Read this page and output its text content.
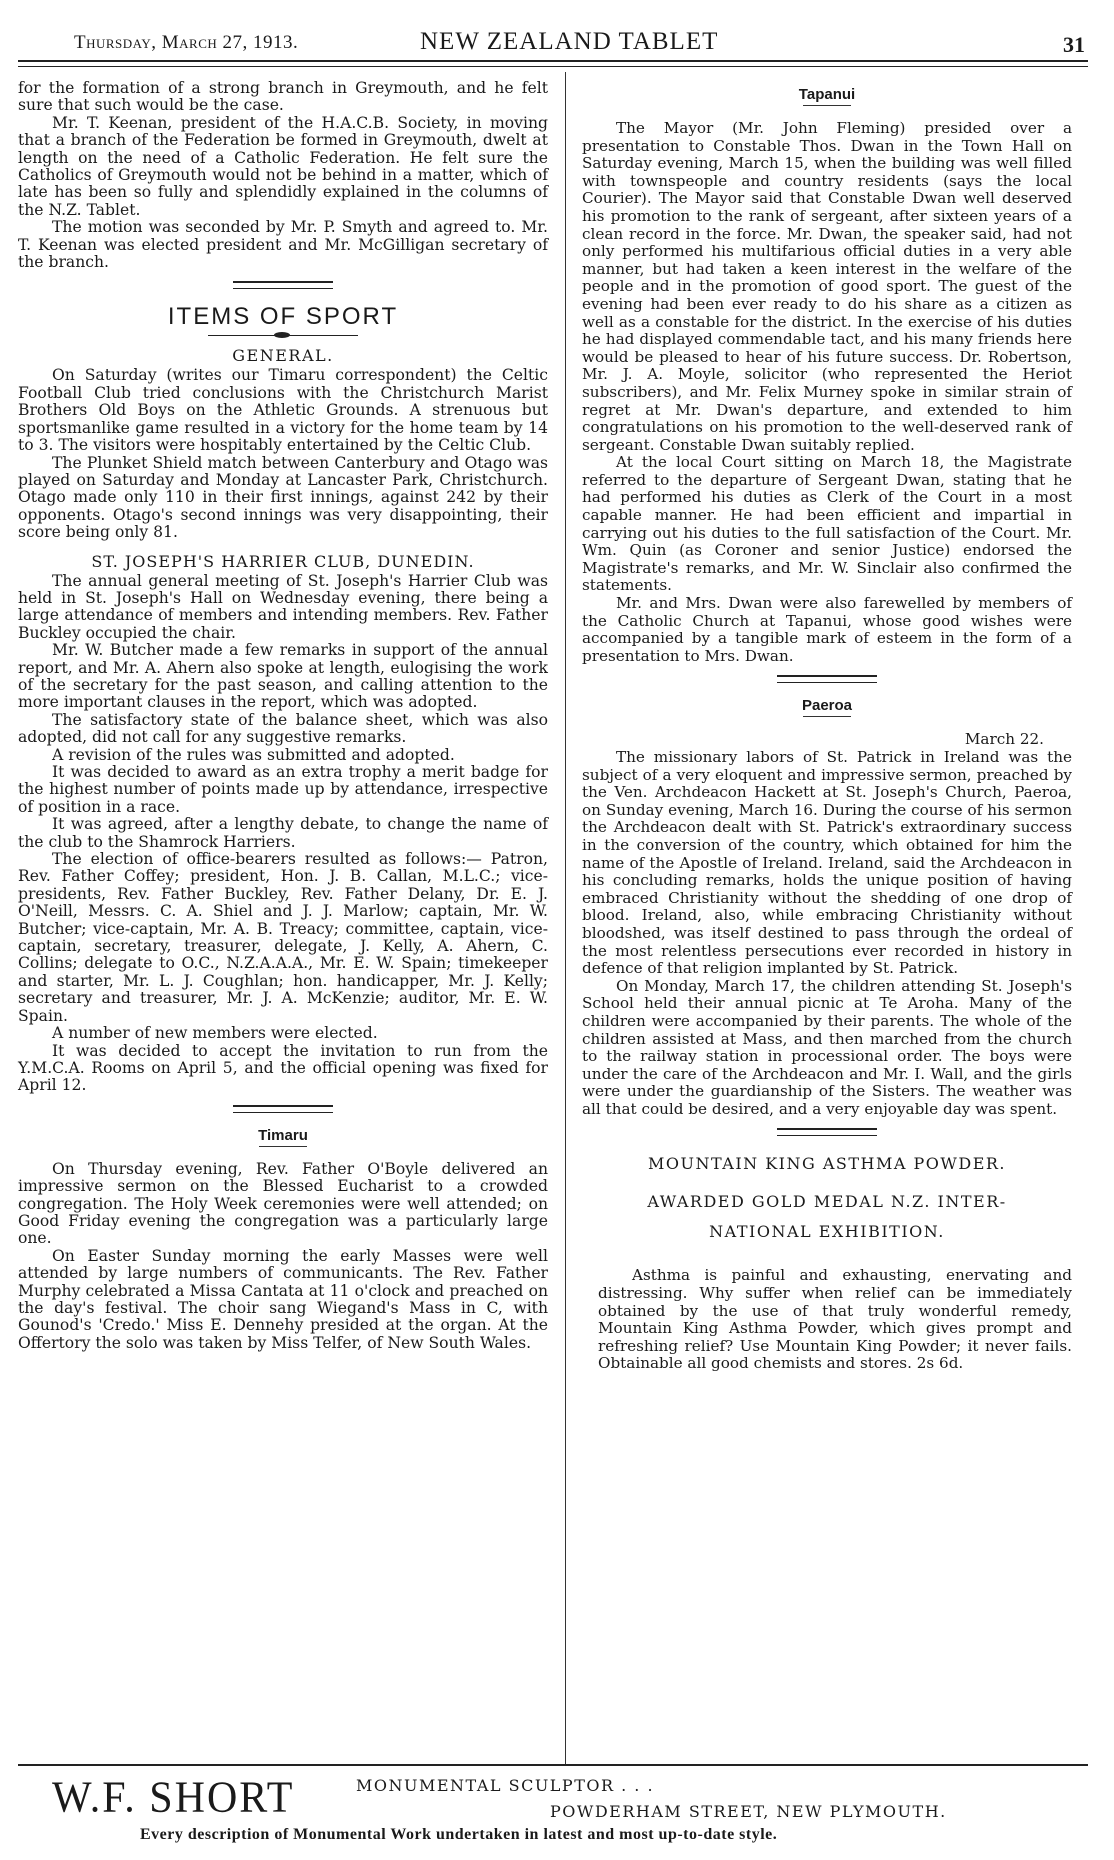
Thursday, March 27, 1913.	NEW ZEALAND TABLET	31

for the formation of a strong branch in Greymouth, and he felt sure that such would be the case.

Mr. T. Keenan, president of the H.A.C.B. Society, in moving that a branch of the Federation be formed in Greymouth, dwelt at length on the need of a Catholic Federation. He felt sure the Catholics of Greymouth would not be behind in a matter, which of late has been so fully and splendidly explained in the columns of the N.Z. Tablet.

The motion was seconded by Mr. P. Smyth and agreed to. Mr. T. Keenan was elected president and Mr. McGilligan secretary of the branch.

ITEMS OF SPORT
GENERAL.

On Saturday (writes our Timaru correspondent) the Celtic Football Club tried conclusions with the Christchurch Marist Brothers Old Boys on the Athletic Grounds. A strenuous but sportsmanlike game resulted in a victory for the home team by 14 to 3. The visitors were hospitably entertained by the Celtic Club.

The Plunket Shield match between Canterbury and Otago was played on Saturday and Monday at Lancaster Park, Christchurch. Otago made only 110 in their first innings, against 242 by their opponents. Otago's second innings was very disappointing, their score being only 81.

ST. JOSEPH'S HARRIER CLUB, DUNEDIN.

The annual general meeting of St. Joseph's Harrier Club was held in St. Joseph's Hall on Wednesday evening, there being a large attendance of members and intending members. Rev. Father Buckley occupied the chair.

Mr. W. Butcher made a few remarks in support of the annual report, and Mr. A. Ahern also spoke at length, eulogising the work of the secretary for the past season, and calling attention to the more important clauses in the report, which was adopted.

The satisfactory state of the balance sheet, which was also adopted, did not call for any suggestive remarks.

A revision of the rules was submitted and adopted.

It was decided to award as an extra trophy a merit badge for the highest number of points made up by attendance, irrespective of position in a race.

It was agreed, after a lengthy debate, to change the name of the club to the Shamrock Harriers.

The election of office-bearers resulted as follows:— Patron, Rev. Father Coffey; president, Hon. J. B. Callan, M.L.C.; vice-presidents, Rev. Father Buckley, Rev. Father Delany, Dr. E. J. O'Neill, Messrs. C. A. Shiel and J. J. Marlow; captain, Mr. W. Butcher; vice-captain, Mr. A. B. Treacy; committee, captain, vice-captain, secretary, treasurer, delegate, J. Kelly, A. Ahern, C. Collins; delegate to O.C., N.Z.A.A.A., Mr. E. W. Spain; timekeeper and starter, Mr. L. J. Coughlan; hon. handicapper, Mr. J. Kelly; secretary and treasurer, Mr. J. A. McKenzie; auditor, Mr. E. W. Spain.

A number of new members were elected.

It was decided to accept the invitation to run from the Y.M.C.A. Rooms on April 5, and the official opening was fixed for April 12.

Timaru

On Thursday evening, Rev. Father O'Boyle delivered an impressive sermon on the Blessed Eucharist to a crowded congregation. The Holy Week ceremonies were well attended; on Good Friday evening the congregation was a particularly large one.

On Easter Sunday morning the early Masses were well attended by large numbers of communicants. The Rev. Father Murphy celebrated a Missa Cantata at 11 o'clock and preached on the day's festival. The choir sang Wiegand's Mass in C, with Gounod's 'Credo.' Miss E. Dennehy presided at the organ. At the Offertory the solo was taken by Miss Telfer, of New South Wales.

Tapanui

The Mayor (Mr. John Fleming) presided over a presentation to Constable Thos. Dwan in the Town Hall on Saturday evening, March 15, when the building was well filled with townspeople and country residents (says the local Courier). The Mayor said that Constable Dwan well deserved his promotion to the rank of sergeant, after sixteen years of a clean record in the force. Mr. Dwan, the speaker said, had not only performed his multifarious official duties in a very able manner, but had taken a keen interest in the welfare of the people and in the promotion of good sport. The guest of the evening had been ever ready to do his share as a citizen as well as a constable for the district. In the exercise of his duties he had displayed commendable tact, and his many friends here would be pleased to hear of his future success. Dr. Robertson, Mr. J. A. Moyle, solicitor (who represented the Heriot subscribers), and Mr. Felix Murney spoke in similar strain of regret at Mr. Dwan's departure, and extended to him congratulations on his promotion to the well-deserved rank of sergeant. Constable Dwan suitably replied.

At the local Court sitting on March 18, the Magistrate referred to the departure of Sergeant Dwan, stating that he had performed his duties as Clerk of the Court in a most capable manner. He had been efficient and impartial in carrying out his duties to the full satisfaction of the Court. Mr. Wm. Quin (as Coroner and senior Justice) endorsed the Magistrate's remarks, and Mr. W. Sinclair also confirmed the statements.

Mr. and Mrs. Dwan were also farewelled by members of the Catholic Church at Tapanui, whose good wishes were accompanied by a tangible mark of esteem in the form of a presentation to Mrs. Dwan.

Paeroa

March 22.

The missionary labors of St. Patrick in Ireland was the subject of a very eloquent and impressive sermon, preached by the Ven. Archdeacon Hackett at St. Joseph's Church, Paeroa, on Sunday evening, March 16. During the course of his sermon the Archdeacon dealt with St. Patrick's extraordinary success in the conversion of the country, which obtained for him the name of the Apostle of Ireland. Ireland, said the Archdeacon in his concluding remarks, holds the unique position of having embraced Christianity without the shedding of one drop of blood. Ireland, also, while embracing Christianity without bloodshed, was itself destined to pass through the ordeal of the most relentless persecutions ever recorded in history in defence of that religion implanted by St. Patrick.

On Monday, March 17, the children attending St. Joseph's School held their annual picnic at Te Aroha. Many of the children were accompanied by their parents. The whole of the children assisted at Mass, and then marched from the church to the railway station in processional order. The boys were under the care of the Archdeacon and Mr. I. Wall, and the girls were under the guardianship of the Sisters. The weather was all that could be desired, and a very enjoyable day was spent.

MOUNTAIN KING ASTHMA POWDER.
AWARDED GOLD MEDAL N.Z. INTER-
NATIONAL EXHIBITION.

Asthma is painful and exhausting, enervating and distressing. Why suffer when relief can be immediately obtained by the use of that truly wonderful remedy, Mountain King Asthma Powder, which gives prompt and refreshing relief? Use Mountain King Powder; it never fails. Obtainable all good chemists and stores. 2s 6d.

W.F. SHORT	MONUMENTAL SCULPTOR . . .
POWDERHAM STREET, NEW PLYMOUTH.
Every description of Monumental Work undertaken in latest and most up-to-date style.
